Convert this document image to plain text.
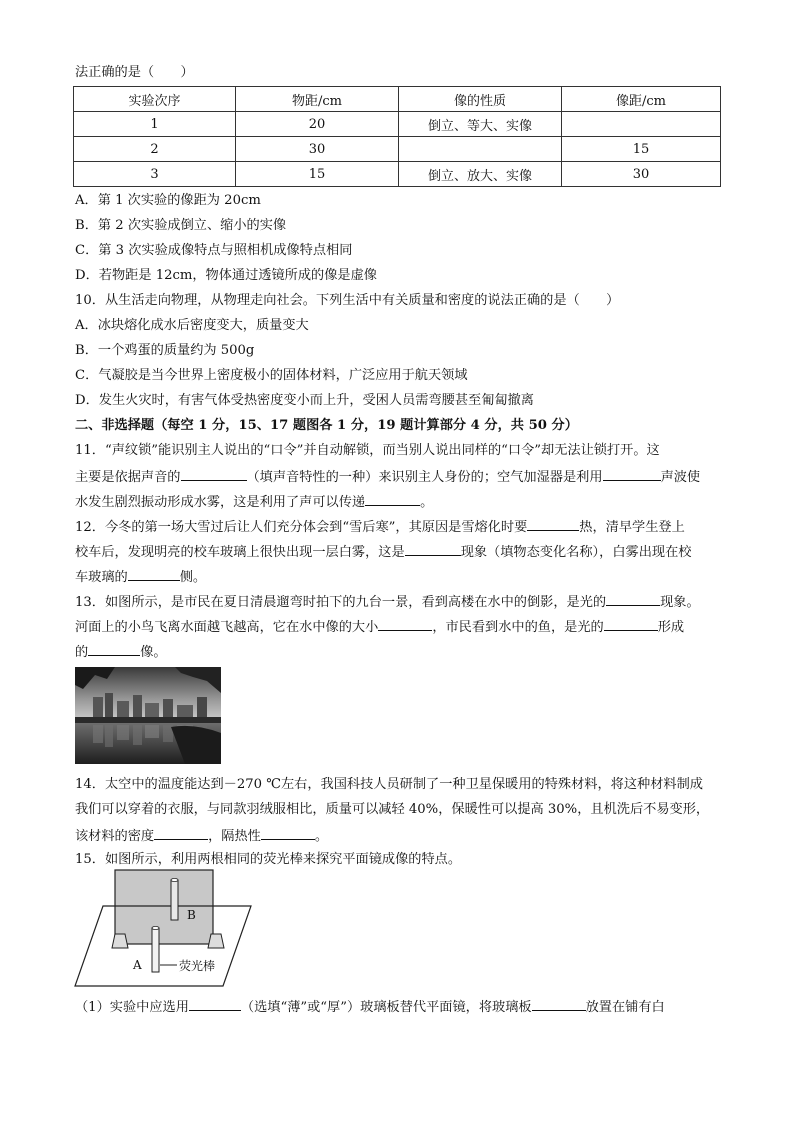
法正确的是（　　）
实验次序	物距/cm	像的性质	像距/cm
1	20	倒立、等大、实像	
2	30		15
3	15	倒立、放大、实像	30
A．第 1 次实验的像距为 20cm
B．第 2 次实验成倒立、缩小的实像
C．第 3 次实验成像特点与照相机成像特点相同
D．若物距是 12cm，物体通过透镜所成的像是虚像
10．从生活走向物理，从物理走向社会。下列生活中有关质量和密度的说法正确的是（　　）
A．冰块熔化成水后密度变大，质量变大
B．一个鸡蛋的质量约为 500g
C．气凝胶是当今世界上密度极小的固体材料，广泛应用于航天领域
D．发生火灾时，有害气体受热密度变小而上升，受困人员需弯腰甚至匍匐撤离
二、非选择题（每空 1 分，15、17 题图各 1 分，19 题计算部分 4 分，共 50 分）
11．“声纹锁”能识别主人说出的“口令”并自动解锁，而当别人说出同样的“口令”却无法让锁打开。这
主要是依据声音的	（填声音特性的一种）来识别主人身份的；空气加湿器是利用	声波使
水发生剧烈振动形成水雾，这是利用了声可以传递	。
12．今冬的第一场大雪过后让人们充分体会到“雪后寒”，其原因是雪熔化时要	热，清早学生登上
校车后，发现明亮的校车玻璃上很快出现一层白雾，这是	现象（填物态变化名称），白雾出现在校
车玻璃的	侧。
13．如图所示，是市民在夏日清晨遛弯时拍下的九台一景，看到高楼在水中的倒影，是光的	现象。
河面上的小鸟飞离水面越飞越高，它在水中像的大小	，市民看到水中的鱼，是光的	形成
的	像。
14．太空中的温度能达到－270 ℃左右，我国科技人员研制了一种卫星保暖用的特殊材料，将这种材料制成
我们可以穿着的衣服，与同款羽绒服相比，质量可以减轻 40%，保暖性可以提高 30%，且机洗后不易变形，
该材料的密度	，隔热性	。
15．如图所示，利用两根相同的荧光棒来探究平面镜成像的特点。
B
A	荧光棒
（1）实验中应选用	（选填“薄”或“厚”）玻璃板替代平面镜，将玻璃板	放置在铺有白
